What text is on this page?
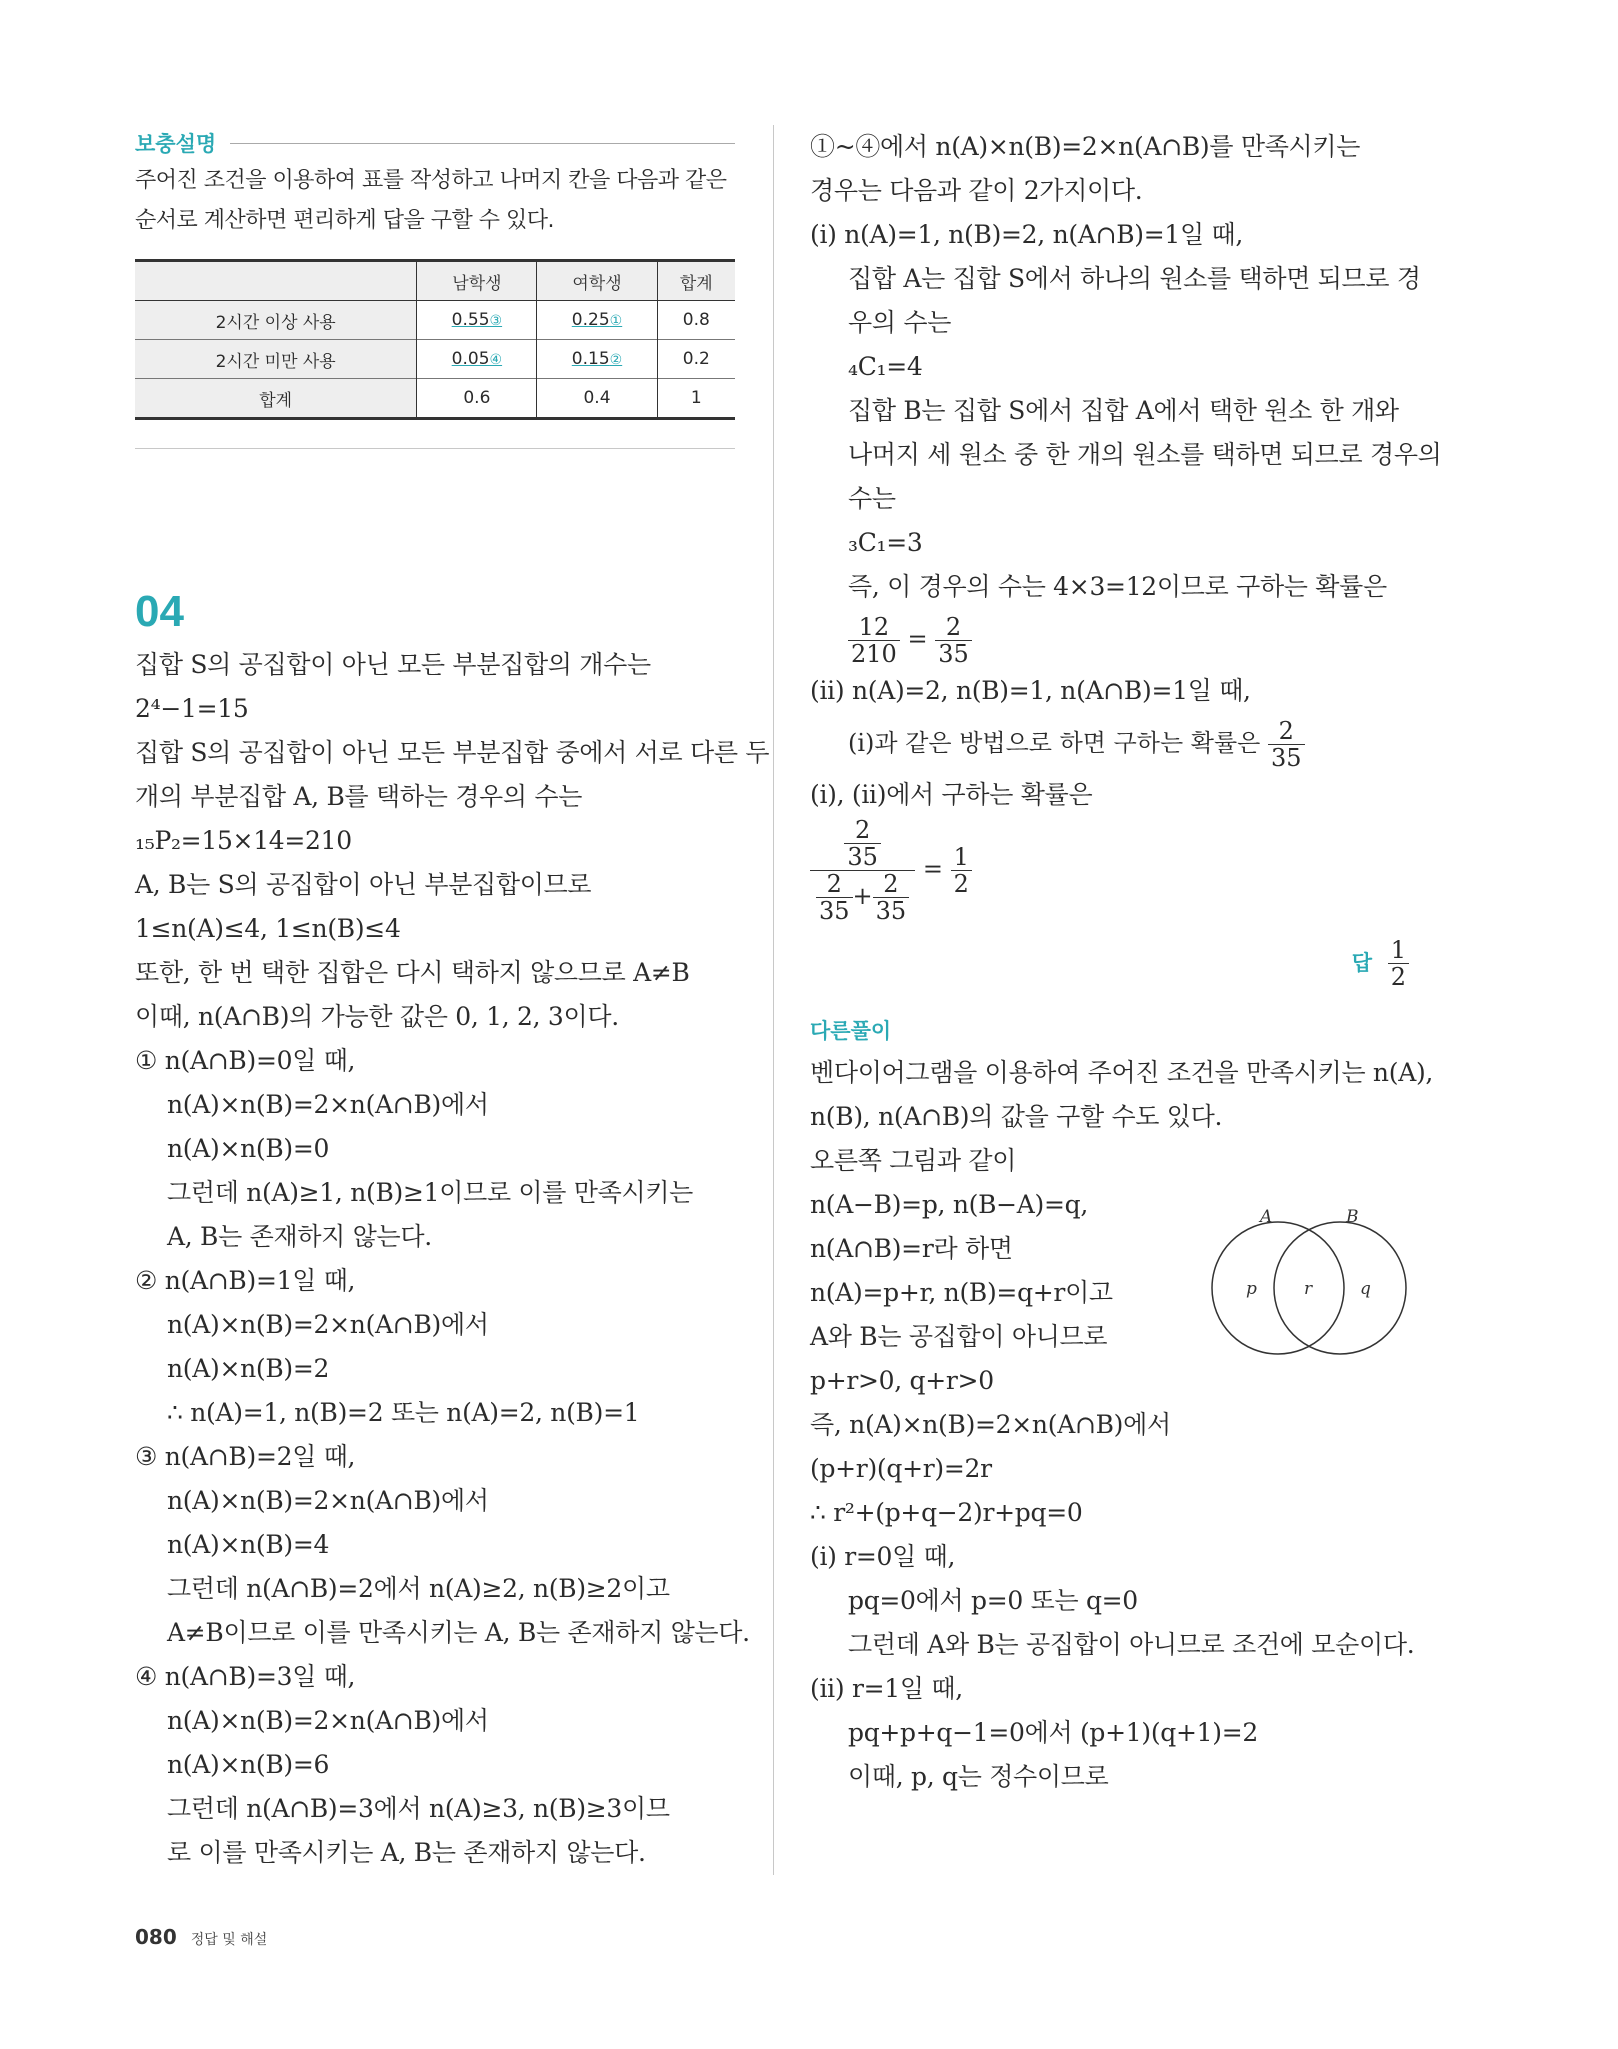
보충설명
주어진 조건을 이용하여 표를 작성하고 나머지 칸을 다음과 같은
순서로 계산하면 편리하게 답을 구할 수 있다.
	남학생	여학생	합계
2시간 이상 사용	0.55③	0.25①	0.8
2시간 미만 사용	0.05④	0.15②	0.2
합계	0.6	0.4	1
04
집합 S의 공집합이 아닌 모든 부분집합의 개수는
2⁴−1=15
집합 S의 공집합이 아닌 모든 부분집합 중에서 서로 다른 두
개의 부분집합 A, B를 택하는 경우의 수는
₁₅P₂=15×14=210
A, B는 S의 공집합이 아닌 부분집합이므로
1≤n(A)≤4, 1≤n(B)≤4
또한, 한 번 택한 집합은 다시 택하지 않으므로 A≠B
이때, n(A∩B)의 가능한 값은 0, 1, 2, 3이다.
① n(A∩B)=0일 때,
n(A)×n(B)=2×n(A∩B)에서
n(A)×n(B)=0
그런데 n(A)≥1, n(B)≥1이므로 이를 만족시키는
A, B는 존재하지 않는다.
② n(A∩B)=1일 때,
n(A)×n(B)=2×n(A∩B)에서
n(A)×n(B)=2
∴ n(A)=1, n(B)=2 또는 n(A)=2, n(B)=1
③ n(A∩B)=2일 때,
n(A)×n(B)=2×n(A∩B)에서
n(A)×n(B)=4
그런데 n(A∩B)=2에서 n(A)≥2, n(B)≥2이고
A≠B이므로 이를 만족시키는 A, B는 존재하지 않는다.
④ n(A∩B)=3일 때,
n(A)×n(B)=2×n(A∩B)에서
n(A)×n(B)=6
그런데 n(A∩B)=3에서 n(A)≥3, n(B)≥3이므
로 이를 만족시키는 A, B는 존재하지 않는다.
①~④에서 n(A)×n(B)=2×n(A∩B)를 만족시키는
경우는 다음과 같이 2가지이다.
(i) n(A)=1, n(B)=2, n(A∩B)=1일 때,
집합 A는 집합 S에서 하나의 원소를 택하면 되므로 경
우의 수는
₄C₁=4
집합 B는 집합 S에서 집합 A에서 택한 원소 한 개와
나머지 세 원소 중 한 개의 원소를 택하면 되므로 경우의
수는
₃C₁=3
즉, 이 경우의 수는 4×3=12이므로 구하는 확률은
$\frac{12}{210} = \frac{2}{35}$
(ii) n(A)=2, n(B)=1, n(A∩B)=1일 때,
(i)과 같은 방법으로 하면 구하는 확률은 $\frac{2}{35}$
(i), (ii)에서 구하는 확률은
$\frac{\frac{2}{35}}{\frac{2}{35} + \frac{2}{35}} = \frac{1}{2}$
답 $\frac{1}{2}$
다른풀이
벤다이어그램을 이용하여 주어진 조건을 만족시키는 n(A),
n(B), n(A∩B)의 값을 구할 수도 있다.
오른쪽 그림과 같이
n(A−B)=p, n(B−A)=q,
n(A∩B)=r라 하면
n(A)=p+r, n(B)=q+r이고
A와 B는 공집합이 아니므로
p+r>0, q+r>0
즉, n(A)×n(B)=2×n(A∩B)에서
(p+r)(q+r)=2r
∴ r²+(p+q−2)r+pq=0
(i) r=0일 때,
pq=0에서 p=0 또는 q=0
그런데 A와 B는 공집합이 아니므로 조건에 모순이다.
(ii) r=1일 때,
pq+p+q−1=0에서 (p+1)(q+1)=2
이때, p, q는 정수이므로
A	B
p	r	q
080 정답 및 해설
